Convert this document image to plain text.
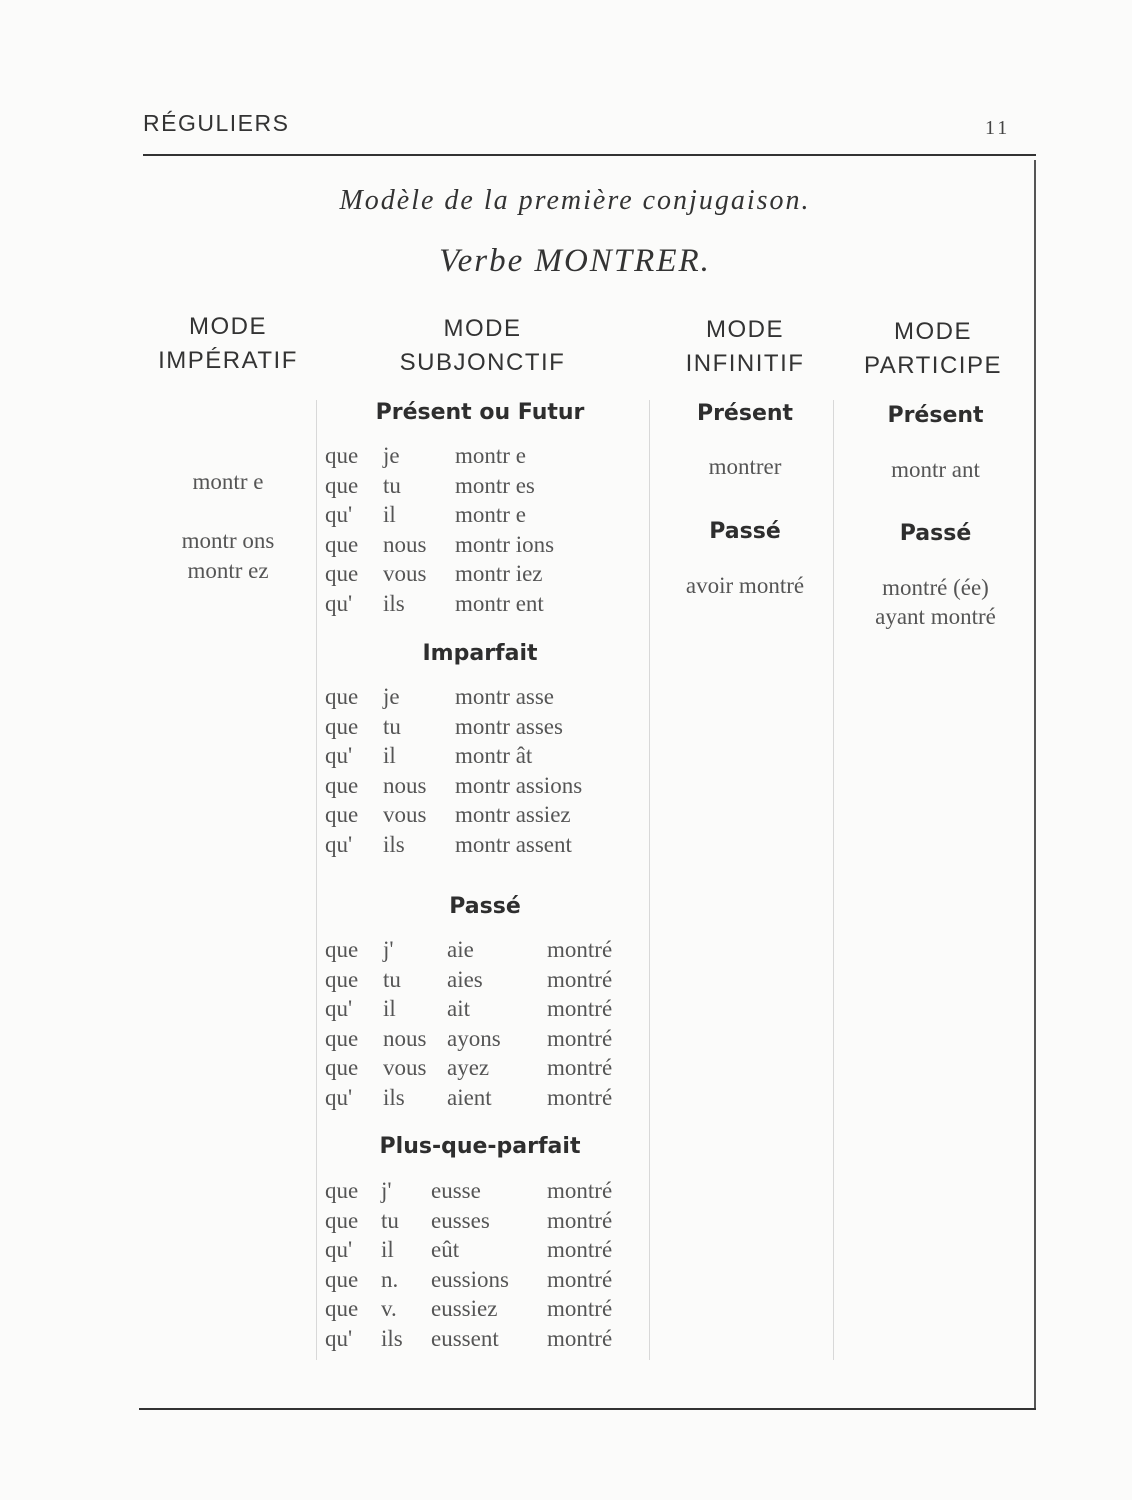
RÉGULIERS	11
Modèle de la première conjugaison.
Verbe MONTRER.
MODE
IMPÉRATIF
MODE
SUBJONCTIF
MODE
INFINITIF
MODE
PARTICIPE
montr e
montr ons
montr ez
Présent ou Futur
que je montr e
que tu montr es
qu' il	montr e
que nous montr ions
que vous montr iez
qu' ils montr ent
Imparfait
que je montr asse
que tu montr asses
qu' il	montr ât
que nous montr assions
que vous montr assiez
qu' ils montr assent
Passé
que j' aie	montré
que tu aies	montré
qu' il ait	montré
que nous ayons montré
que vous ayez	montré
qu' ils aient montré
Plus-que-parfait
que j' eusse	montré
que tu eusses montré
qu' il eût	montré
que n. eussions montré
que v. eussiez montré
qu' ils eussent montré
Présent
montrer
Passé
avoir montré
Présent
montr ant
Passé
montré (ée)
ayant montré
